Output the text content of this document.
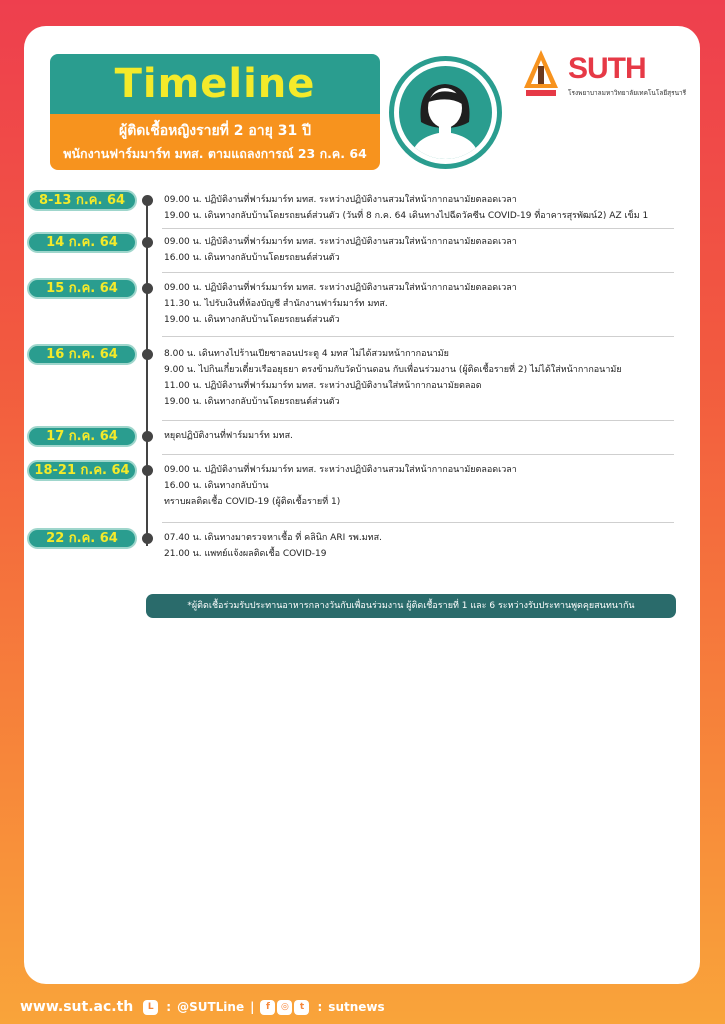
Timeline
ผู้ติดเชื้อหญิงรายที่ 2 อายุ 31 ปี
พนักงานฟาร์มมาร์ท มทส. ตามแถลงการณ์ 23 ก.ค. 64
SUTH
โรงพยาบาลมหาวิทยาลัยเทคโนโลยีสุรนารี
8-13 ก.ค. 64	09.00 น. ปฏิบัติงานที่ฟาร์มมาร์ท มทส. ระหว่างปฏิบัติงานสวมใส่หน้ากากอนามัยตลอดเวลา
19.00 น. เดินทางกลับบ้านโดยรถยนต์ส่วนตัว (วันที่ 8 ก.ค. 64 เดินทางไปฉีดวัคซีน COVID-19 ที่อาคารสุรพัฒน์2) AZ เข็ม 1
14 ก.ค. 64	09.00 น. ปฏิบัติงานที่ฟาร์มมาร์ท มทส. ระหว่างปฏิบัติงานสวมใส่หน้ากากอนามัยตลอดเวลา
16.00 น. เดินทางกลับบ้านโดยรถยนต์ส่วนตัว
15 ก.ค. 64	09.00 น. ปฏิบัติงานที่ฟาร์มมาร์ท มทส. ระหว่างปฏิบัติงานสวมใส่หน้ากากอนามัยตลอดเวลา
11.30 น. ไปรับเงินที่ห้องบัญชี สำนักงานฟาร์มมาร์ท มทส.
19.00 น. เดินทางกลับบ้านโดยรถยนต์ส่วนตัว
16 ก.ค. 64	8.00 น. เดินทางไปร้านเปียซาลอนประตู 4 มทส ไม่ได้สวมหน้ากากอนามัย
9.00 น. ไปกินเกี๋ยวเตี๋ยวเรืออยุธยา ตรงข้ามกับวัดบ้านดอน กับเพื่อนร่วมงาน (ผู้ติดเชื้อรายที่ 2) ไม่ได้ใส่หน้ากากอนามัย
11.00 น. ปฏิบัติงานที่ฟาร์มมาร์ท มทส. ระหว่างปฏิบัติงานใส่หน้ากากอนามัยตลอด
19.00 น. เดินทางกลับบ้านโดยรถยนต์ส่วนตัว
17 ก.ค. 64	หยุดปฏิบัติงานที่ฟาร์มมาร์ท มทส.
18-21 ก.ค. 64	09.00 น. ปฏิบัติงานที่ฟาร์มมาร์ท มทส. ระหว่างปฏิบัติงานสวมใส่หน้ากากอนามัยตลอดเวลา
16.00 น. เดินทางกลับบ้าน
ทราบผลติดเชื้อ COVID-19 (ผู้ติดเชื้อรายที่ 1)
22 ก.ค. 64	07.40 น. เดินทางมาตรวจหาเชื้อ ที่ คลินิก ARI รพ.มทส.
21.00 น. แพทย์แจ้งผลติดเชื้อ COVID-19
*ผู้ติดเชื้อร่วมรับประทานอาหารกลางวันกับเพื่อนร่วมงาน ผู้ติดเชื้อรายที่ 1 และ 6 ระหว่างรับประทานพูดคุยสนทนากัน
www.sut.ac.th	L	: @SUTLine |	f	◎	t	: sutnews
